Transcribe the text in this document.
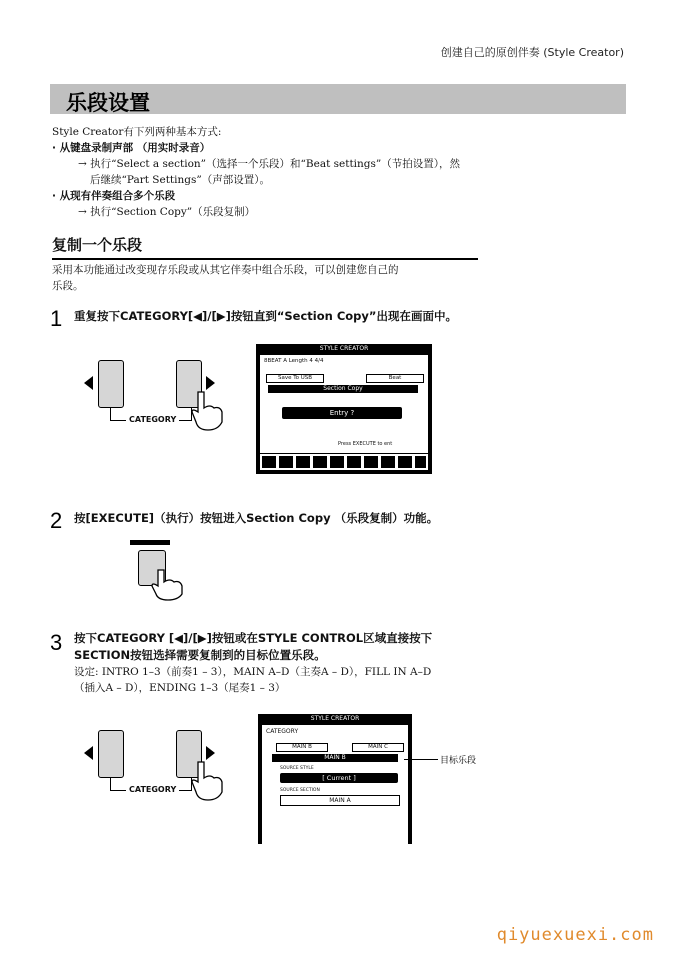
创建自己的原创伴奏 (Style Creator)
乐段设置
Style Creator有下列两种基本方式:
· 从键盘录制声部 （用实时录音）
→ 执行“Select a section”（选择一个乐段）和“Beat settings”（节拍设置），然
后继续“Part Settings”（声部设置）。
· 从现有伴奏组合多个乐段
→ 执行“Section Copy”（乐段复制）
复制一个乐段
采用本功能通过改变现存乐段或从其它伴奏中组合乐段，可以创建您自己的
乐段。
1 重复按下CATEGORY[◀]/[▶]按钮直到“Section Copy”出现在画面中。
CATEGORY
STYLE CREATOR
8BEAT A Length 4 4/4
Save To USB	Beat
Section Copy
Entry ?
Press EXECUTE to ent
2 按[EXECUTE]（执行）按钮进入Section Copy （乐段复制）功能。
3 按下CATEGORY [◀]/[▶]按钮或在STYLE CONTROL区域直接按下
SECTION按钮选择需要复制到的目标位置乐段。
设定: INTRO 1–3（前奏1 – 3），MAIN A–D（主奏A – D），FILL IN A–D
（插入A – D），ENDING 1–3（尾奏1 – 3）
CATEGORY
STYLE CREATOR
CATEGORY
MAIN B	MAIN C
MAIN B
SOURCE STYLE
[ Current ]
SOURCE SECTION
MAIN A
目标乐段
qiyuexuexi.com
